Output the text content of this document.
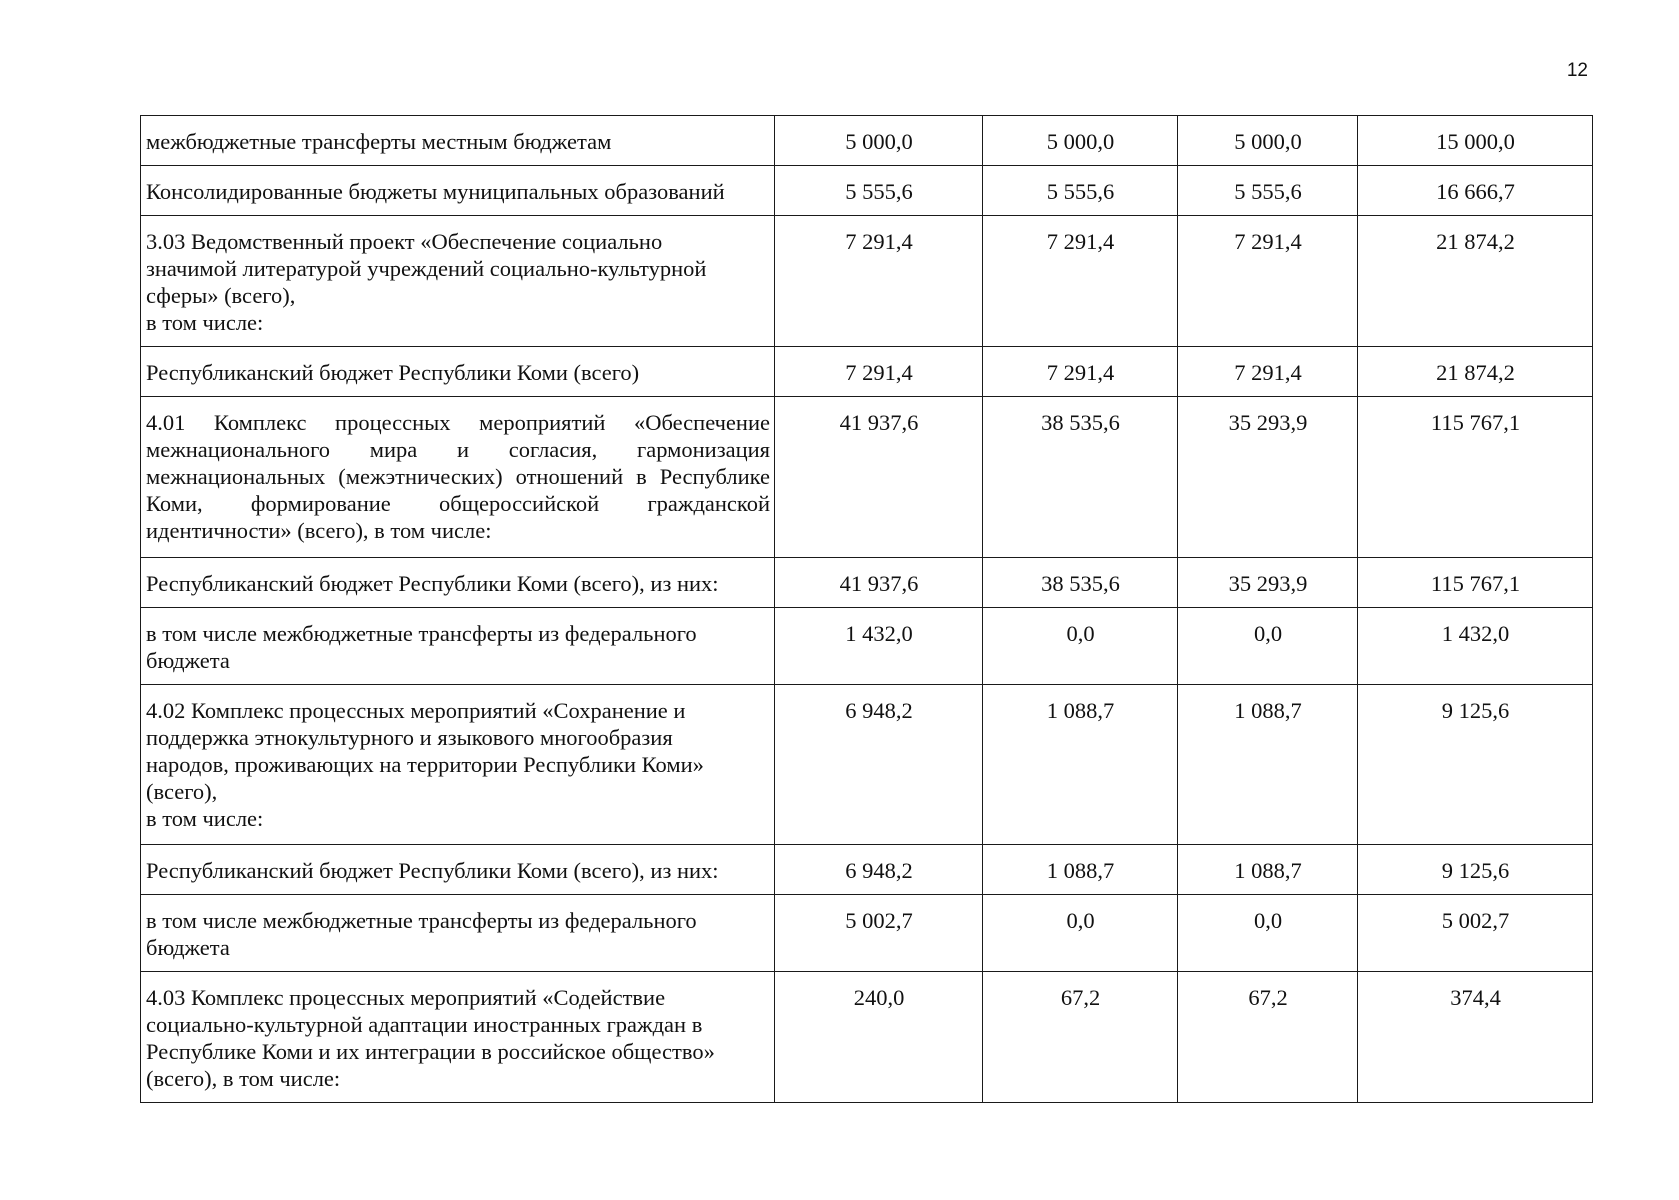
12
межбюджетные трансферты местным бюджетам	5 000,0	5 000,0	5 000,0	15 000,0
Консолидированные бюджеты муниципальных образований	5 555,6	5 555,6	5 555,6	16 666,7
3.03 Ведомственный проект «Обеспечение социально
значимой литературой учреждений социально-культурной
сферы» (всего),
в том числе:	7 291,4	7 291,4	7 291,4	21 874,2
Республиканский бюджет Республики Коми (всего)	7 291,4	7 291,4	7 291,4	21 874,2
4.01 Комплекс процессных мероприятий «Обеспечение межнационального мира и согласия, гармонизация межнациональных (межэтнических) отношений в Республике Коми, формирование общероссийской гражданской идентичности» (всего), в том числе:	41 937,6	38 535,6	35 293,9	115 767,1
Республиканский бюджет Республики Коми (всего), из них:	41 937,6	38 535,6	35 293,9	115 767,1
в том числе межбюджетные трансферты из федерального
бюджета	1 432,0	0,0	0,0	1 432,0
4.02 Комплекс процессных мероприятий «Сохранение и
поддержка этнокультурного и языкового многообразия
народов, проживающих на территории Республики Коми»
(всего),
в том числе:	6 948,2	1 088,7	1 088,7	9 125,6
Республиканский бюджет Республики Коми (всего), из них:	6 948,2	1 088,7	1 088,7	9 125,6
в том числе межбюджетные трансферты из федерального
бюджета	5 002,7	0,0	0,0	5 002,7
4.03 Комплекс процессных мероприятий «Содействие
социально-культурной адаптации иностранных граждан в
Республике Коми и их интеграции в российское общество»
(всего), в том числе:	240,0	67,2	67,2	374,4
